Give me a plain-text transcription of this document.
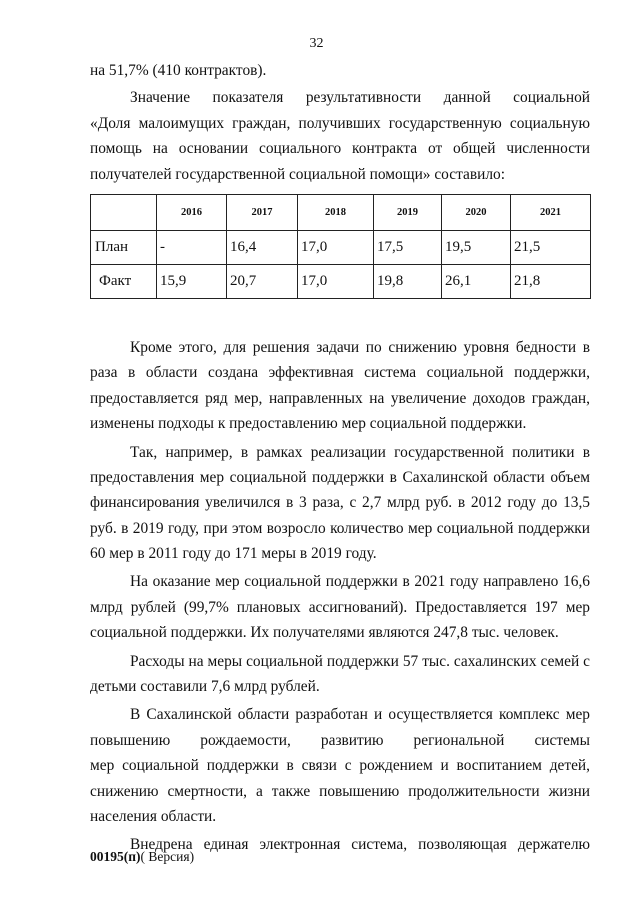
32
на 51,7% (410 контрактов).
Значение показателя результативности данной социальной
«Доля малоимущих граждан, получивших государственную социальную
помощь на основании социального контракта от общей численности
получателей государственной социальной помощи» составило:
	2016	2017	2018	2019	2020	2021
План	-	16,4	17,0	17,5	19,5	21,5
Факт	15,9	20,7	17,0	19,8	26,1	21,8
Кроме этого, для решения задачи по снижению уровня бедности в
раза в области создана эффективная система социальной поддержки,
предоставляется ряд мер, направленных на увеличение доходов граждан,
изменены подходы к предоставлению мер социальной поддержки.
Так, например, в рамках реализации государственной политики в
предоставления мер социальной поддержки в Сахалинской области объем
финансирования увеличился в 3 раза, с 2,7 млрд руб. в 2012 году до 13,5
руб. в 2019 году, при этом возросло количество мер социальной поддержки
60 мер в 2011 году до 171 меры в 2019 году.
На оказание мер социальной поддержки в 2021 году направлено 16,6
млрд рублей (99,7% плановых ассигнований). Предоставляется 197 мер
социальной поддержки. Их получателями являются 247,8 тыс. человек.
Расходы на меры социальной поддержки 57 тыс. сахалинских семей с
детьми составили 7,6 млрд рублей.
В Сахалинской области разработан и осуществляется комплекс мер
повышению рождаемости, развитию региональной системы
мер социальной поддержки в связи с рождением и воспитанием детей,
снижению смертности, а также повышению продолжительности жизни
населения области.
Внедрена единая электронная система, позволяющая держателю
00195(п)( Версия)
